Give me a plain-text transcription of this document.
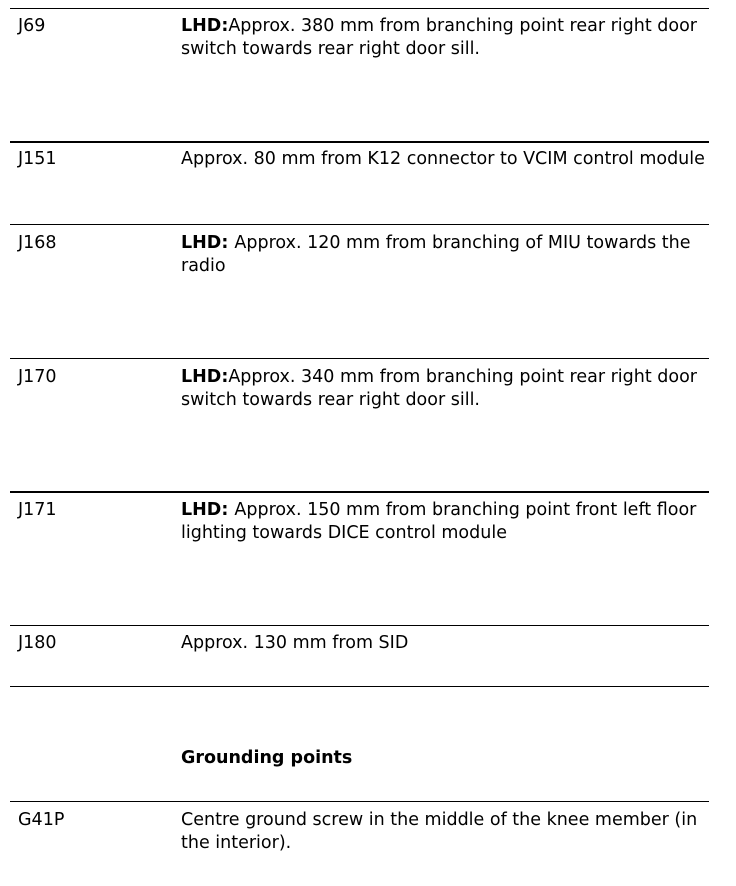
J69	LHD:Approx. 380 mm from branching point rear right door switch towards rear right door sill.
J151	Approx. 80 mm from K12 connector to VCIM control module
J168	LHD: Approx. 120 mm from branching of MIU towards the radio
J170	LHD:Approx. 340 mm from branching point rear right door switch towards rear right door sill.
J171	LHD: Approx. 150 mm from branching point front left floor lighting towards DICE control module
J180	Approx. 130 mm from SID
Grounding points
G41P	Centre ground screw in the middle of the knee member (in the interior).
